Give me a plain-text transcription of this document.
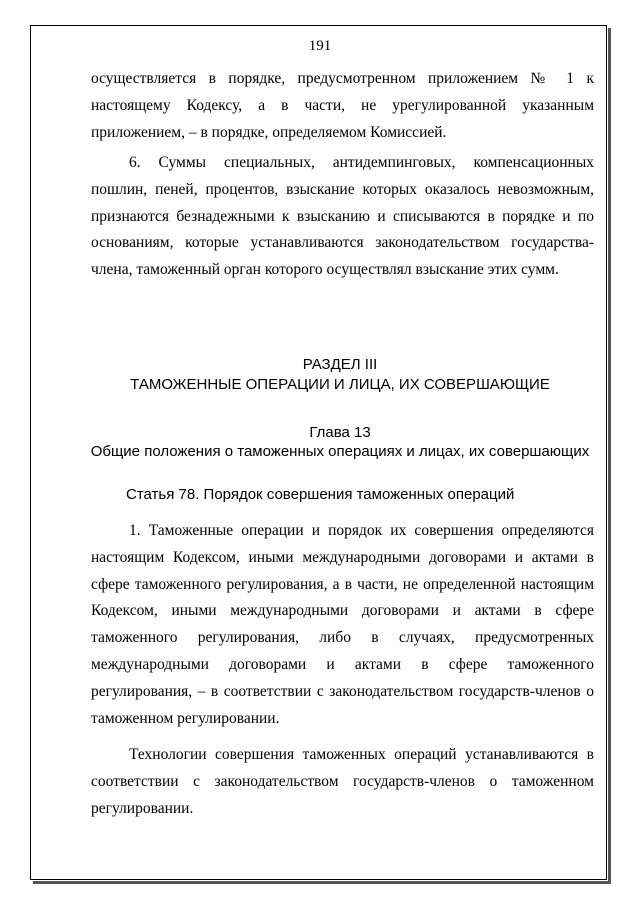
191
осуществляется в порядке, предусмотренном приложением № 1 к настоящему Кодексу, а в части, не урегулированной указанным приложением, – в порядке, определяемом Комиссией.
6. Суммы специальных, антидемпинговых, компенсационных пошлин, пеней, процентов, взыскание которых оказалось невозможным, признаются безнадежными к взысканию и списываются в порядке и по основаниям, которые устанавливаются законодательством государства-члена, таможенный орган которого осуществлял взыскание этих сумм.
РАЗДЕЛ III
ТАМОЖЕННЫЕ ОПЕРАЦИИ И ЛИЦА, ИХ СОВЕРШАЮЩИЕ
Глава 13
Общие положения о таможенных операциях и лицах, их совершающих
Статья 78. Порядок совершения таможенных операций
1. Таможенные операции и порядок их совершения определяются настоящим Кодексом, иными международными договорами и актами в сфере таможенного регулирования, а в части, не определенной настоящим Кодексом, иными международными договорами и актами в сфере таможенного регулирования, либо в случаях, предусмотренных международными договорами и актами в сфере таможенного регулирования, – в соответствии с законодательством государств-членов о таможенном регулировании.
Технологии совершения таможенных операций устанавливаются в соответствии с законодательством государств-членов о таможенном регулировании.
